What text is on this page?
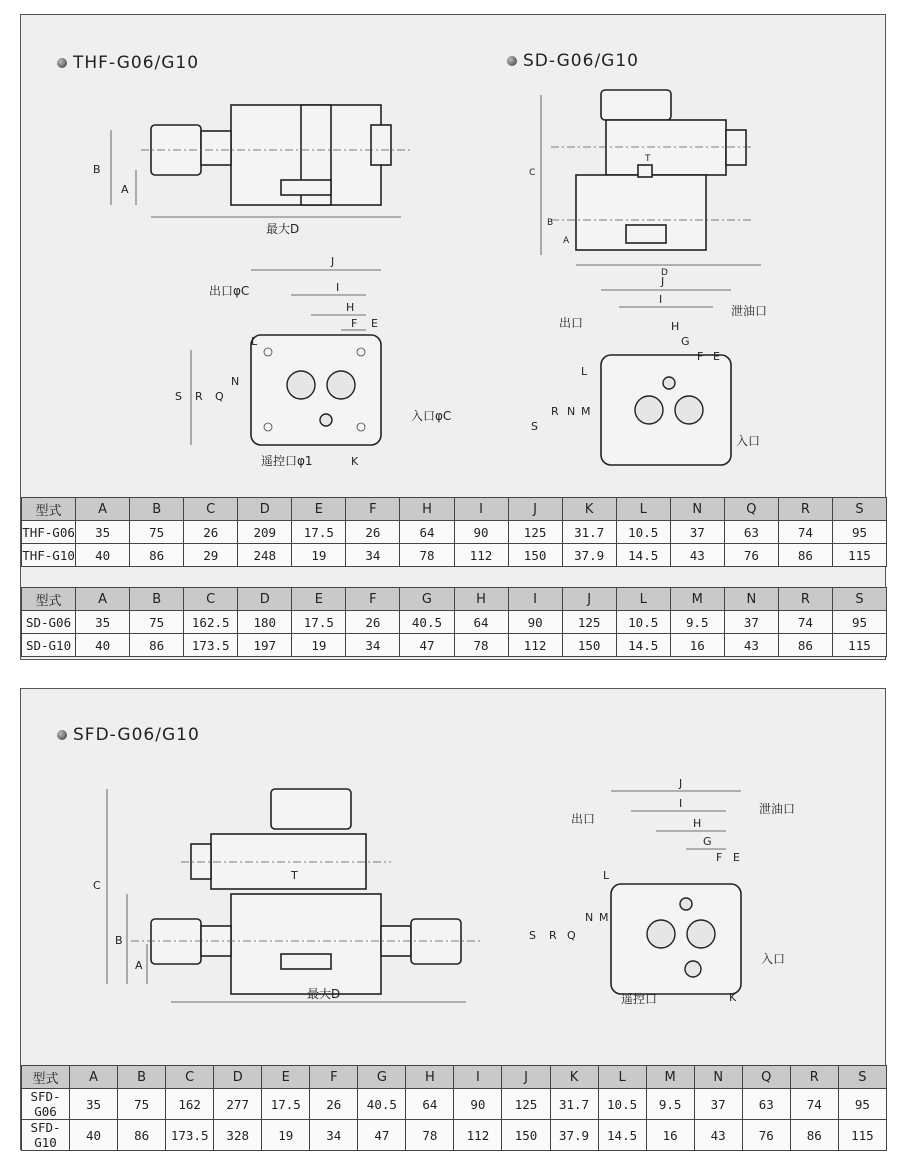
THF-G06/G10	SD-G06/G10
B
A
最大D
J
I
H
F E
出口φC
入口φC
遥控口φ1
S R Q
N
L
K
C
B
A
T
D
J
I
H
G
F E
出口
泄油口
入口
S
R N M
L
型式	A	B	C	D	E	F	H	I	J	K	L	N	Q	R	S
THF-G06	35	75	26	209	17.5	26	64	90	125	31.7	10.5	37	63	74	95
THF-G10	40	86	29	248	19	34	78	112	150	37.9	14.5	43	76	86	115
型式	A	B	C	D	E	F	G	H	I	J	L	M	N	R	S
SD-G06	35	75	162.5	180	17.5	26	40.5	64	90	125	10.5	9.5	37	74	95
SD-G10	40	86	173.5	197	19	34	47	78	112	150	14.5	16	43	86	115
SFD-G06/G10
T
C
B
A
最大D
J
I
H
G
F E
出口
泄油口
入口
遥控口	K
S R Q
N M
L
型式	A	B	C	D	E	F	G	H	I	J	K	L	M	N	Q	R	S
SFD-G06	35	75	162	277	17.5	26	40.5	64	90	125	31.7	10.5	9.5	37	63	74	95
SFD-G10	40	86	173.5	328	19	34	47	78	112	150	37.9	14.5	16	43	76	86	115
